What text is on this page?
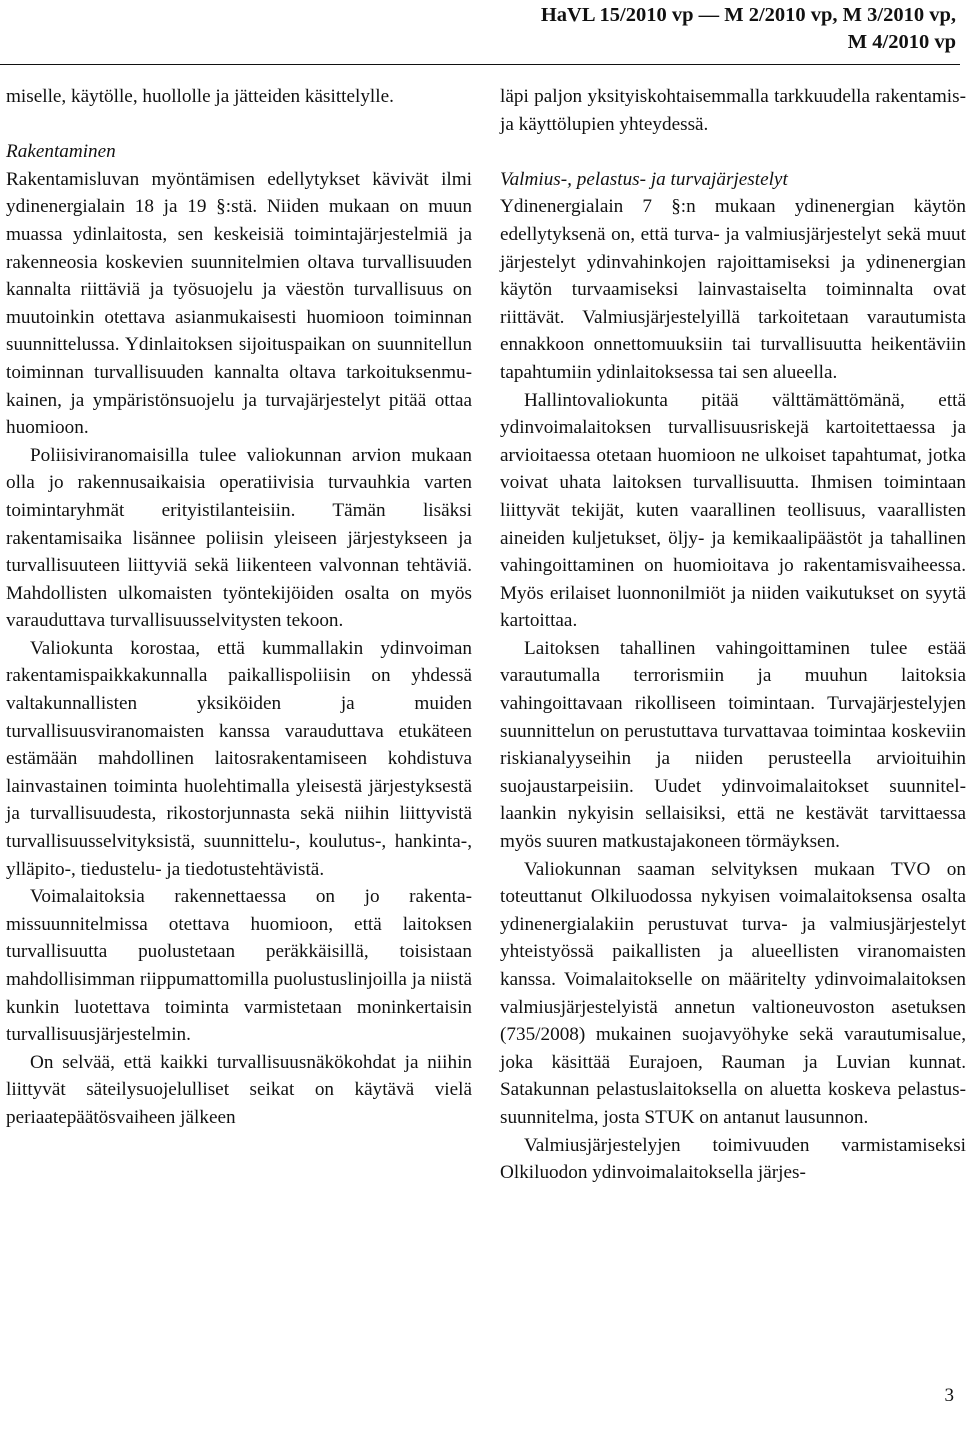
HaVL 15/2010 vp — M 2/2010 vp, M 3/2010 vp,
M 4/2010 vp

miselle, käytölle, huollolle ja jätteiden käsittelylle.

Rakentaminen

Rakentamisluvan myöntämisen edellytykset kävivät ilmi ydinenergialain 18 ja 19 §:stä. Niiden mukaan on muun muassa ydinlaitosta, sen keskeisiä toimintajärjestelmiä ja rakenneosia koskevien suunnitelmien oltava turvallisuuden kannalta riittäviä ja työsuojelu ja väestön turvallisuus on muutoinkin otettava asianmukaisesti huomioon toiminnan suunnittelussa. Ydinlaitoksen sijoituspaikan on suunnitellun toiminnan turvallisuuden kannalta oltava tarkoituksenmukainen, ja ympäristönsuojelu ja turvajärjestelyt pitää ottaa huomioon.

Poliisiviranomaisilla tulee valiokunnan arvion mukaan olla jo rakennusaikaisia operatiivisia turvauhkia varten toimintaryhmät erityistilanteisiin. Tämän lisäksi rakentamisaika lisännee poliisin yleiseen järjestykseen ja turvallisuuteen liittyviä sekä liikenteen valvonnan tehtäviä. Mahdollisten ulkomaisten työntekijöiden osalta on myös varauduttava turvallisuusselvitysten tekoon.

Valiokunta korostaa, että kummallakin ydinvoiman rakentamispaikkakunnalla paikallispoliisin on yhdessä valtakunnallisten yksiköiden ja muiden turvallisuusviranomaisten kanssa varauduttava etukäteen estämään mahdollinen laitosrakentamiseen kohdistuva lainvastainen toiminta huolehtimalla yleisestä järjestyksestä ja turvallisuudesta, rikostorjunnasta sekä niihin liittyvistä turvallisuusselvityksistä, suunnittelu-, koulutus-, hankinta-, ylläpito-, tiedustelu- ja tiedotustehtävistä.

Voimalaitoksia rakennettaessa on jo rakentamissuunnitelmissa otettava huomioon, että laitoksen turvallisuutta puolustetaan peräkkäisillä, toisistaan mahdollisimman riippumattomilla puolustuslinjoilla ja niistä kunkin luotettava toiminta varmistetaan moninkertaisin turvallisuusjärjestelmin.

On selvää, että kaikki turvallisuusnäkökohdat ja niihin liittyvät säteilysuojelulliset seikat on käytävä vielä periaatepäätösvaiheen jälkeen

läpi paljon yksityiskohtaisemmalla tarkkuudella rakentamis- ja käyttölupien yhteydessä.

Valmius-, pelastus- ja turvajärjestelyt

Ydinenergialain 7 §:n mukaan ydinenergian käytön edellytyksenä on, että turva- ja valmiusjärjestelyt sekä muut järjestelyt ydinvahinkojen rajoittamiseksi ja ydinenergian käytön turvaamiseksi lainvastaiselta toiminnalta ovat riittävät. Valmiusjärjestelyillä tarkoitetaan varautumista ennakkoon onnettomuuksiin tai turvallisuutta heikentäviin tapahtumiin ydinlaitoksessa tai sen alueella.

Hallintovaliokunta pitää välttämättömänä, että ydinvoimalaitoksen turvallisuusriskejä kartoitettaessa ja arvioitaessa otetaan huomioon ne ulkoiset tapahtumat, jotka voivat uhata laitoksen turvallisuutta. Ihmisen toimintaan liittyvät tekijät, kuten vaarallinen teollisuus, vaarallisten aineiden kuljetukset, öljy- ja kemikaalipäästöt ja tahallinen vahingoittaminen on huomioitava jo rakentamisvaiheessa. Myös erilaiset luonnonilmiöt ja niiden vaikutukset on syytä kartoittaa.

Laitoksen tahallinen vahingoittaminen tulee estää varautumalla terrorismiin ja muuhun laitoksia vahingoittavaan rikolliseen toimintaan. Turvajärjestelyjen suunnittelun on perustuttava turvattavaa toimintaa koskeviin riskianalyyseihin ja niiden perusteella arvioituihin suojaustarpeisiin. Uudet ydinvoimalaitokset suunnitellaankin nykyisin sellaisiksi, että ne kestävät tarvittaessa myös suuren matkustajakoneen törmäyksen.

Valiokunnan saaman selvityksen mukaan TVO on toteuttanut Olkiluodossa nykyisen voimalaitoksensa osalta ydinenergialakiin perustuvat turva- ja valmiusjärjestelyt yhteistyössä paikallisten ja alueellisten viranomaisten kanssa. Voimalaitokselle on määritelty ydinvoimalaitoksen valmiusjärjestelyistä annetun valtioneuvoston asetuksen (735/2008) mukainen suojavyöhyke sekä varautumisalue, joka käsittää Eurajoen, Rauman ja Luvian kunnat. Satakunnan pelastuslaitoksella on aluetta koskeva pelastussuunnitelma, josta STUK on antanut lausunnon.

Valmiusjärjestelyjen toimivuuden varmistamiseksi Olkiluodon ydinvoimalaitoksella järjes-

3
